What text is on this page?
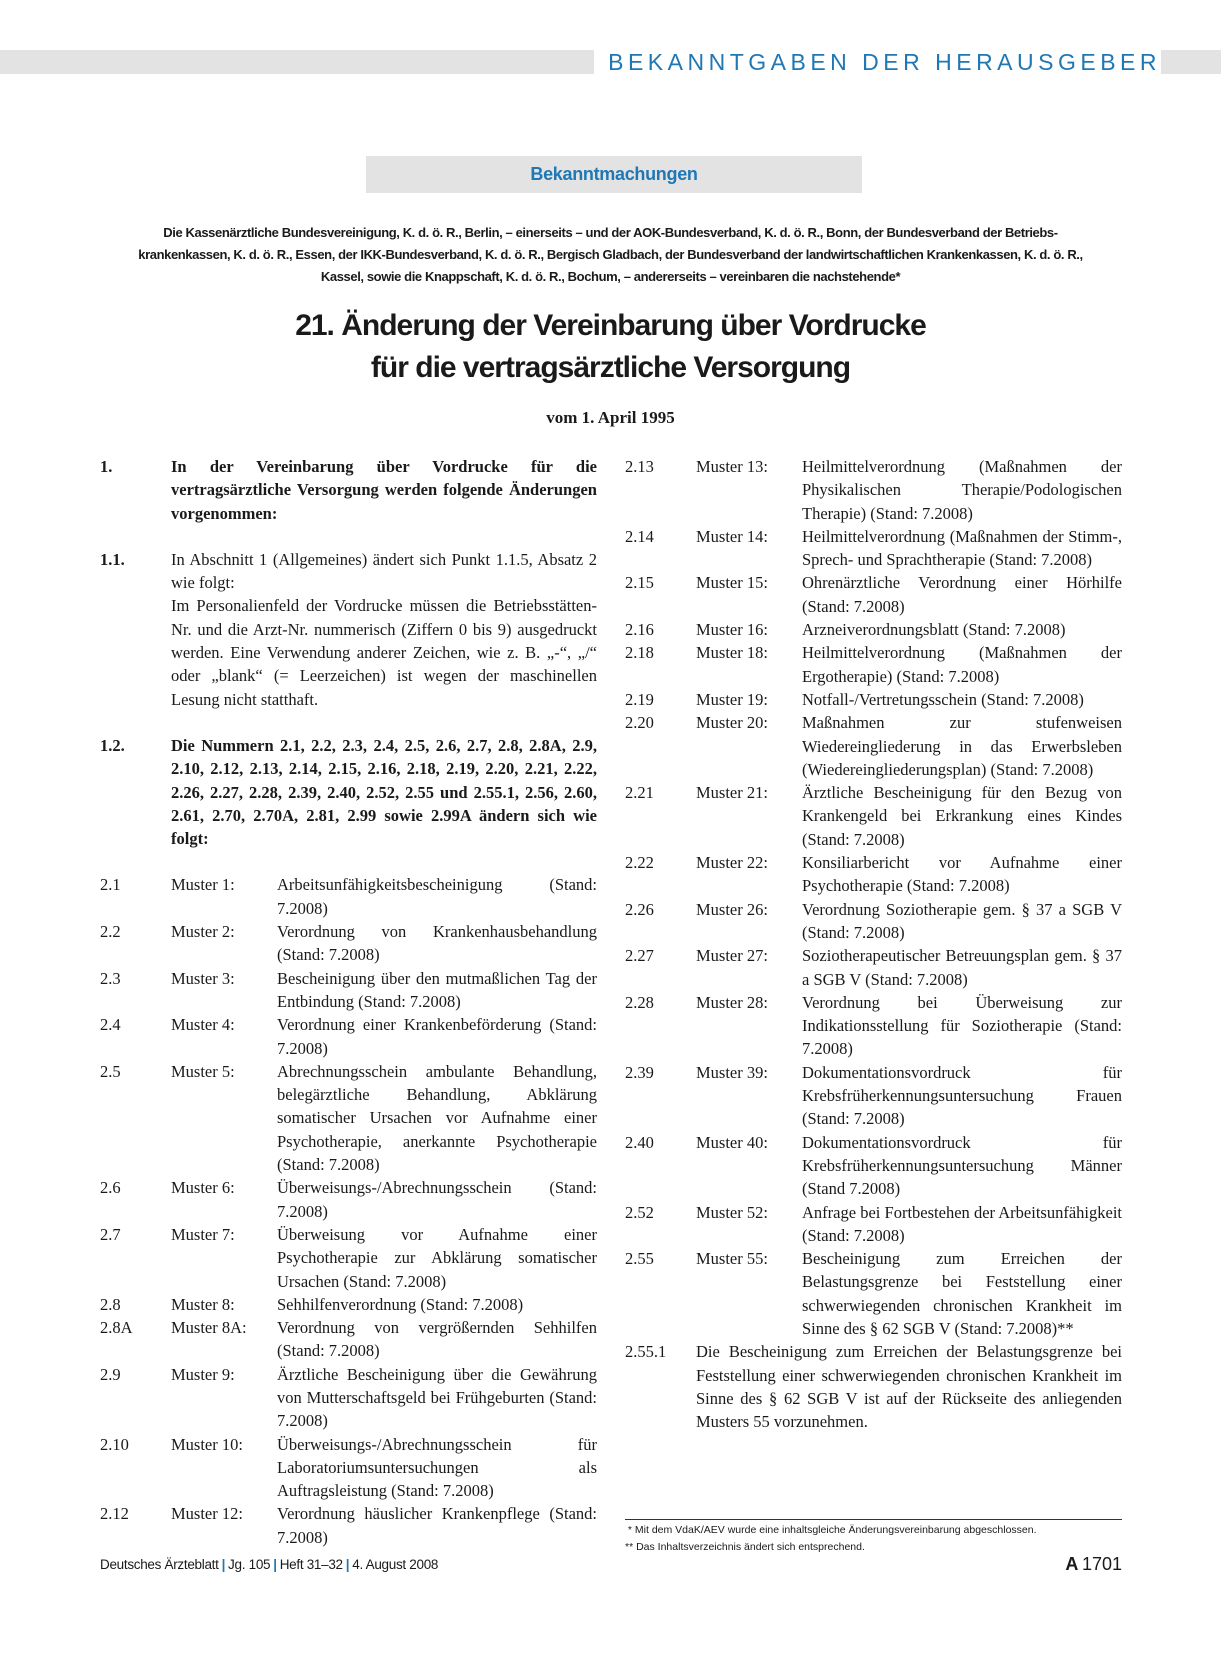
BEKANNTGABEN DER HERAUSGEBER
Bekanntmachungen
Die Kassenärztliche Bundesvereinigung, K. d. ö. R., Berlin, – einerseits – und der AOK-Bundesverband, K. d. ö. R., Bonn, der Bundesverband der Betriebs-
krankenkassen, K. d. ö. R., Essen, der IKK-Bundesverband, K. d. ö. R., Bergisch Gladbach, der Bundesverband der landwirtschaftlichen Krankenkassen, K. d. ö. R.,
Kassel, sowie die Knappschaft, K. d. ö. R., Bochum, – andererseits – vereinbaren die nachstehende*
21. Änderung der Vereinbarung über Vordrucke
für die vertragsärztliche Versorgung
vom 1. April 1995
1.	In der Vereinbarung über Vordrucke für die vertragsärztliche Versorgung werden folgende Änderungen vorgenommen:
1.1.	In Abschnitt 1 (Allgemeines) ändert sich Punkt 1.1.5, Absatz 2 wie folgt:
Im Personalienfeld der Vordrucke müssen die Betriebsstätten-Nr. und die Arzt-Nr. nummerisch (Ziffern 0 bis 9) ausgedruckt werden. Eine Verwendung anderer Zeichen, wie z. B. „-“, „/“ oder „blank“ (= Leerzeichen) ist wegen der maschinellen Lesung nicht statthaft.
1.2.	Die Nummern 2.1, 2.2, 2.3, 2.4, 2.5, 2.6, 2.7, 2.8, 2.8A, 2.9, 2.10, 2.12, 2.13, 2.14, 2.15, 2.16, 2.18, 2.19, 2.20, 2.21, 2.22, 2.26, 2.27, 2.28, 2.39, 2.40, 2.52, 2.55 und 2.55.1, 2.56, 2.60, 2.61, 2.70, 2.70A, 2.81, 2.99 sowie 2.99A ändern sich wie folgt:
2.1	Muster 1:	Arbeitsunfähigkeitsbescheinigung (Stand: 7.2008)
2.2	Muster 2:	Verordnung von Krankenhausbehandlung (Stand: 7.2008)
2.3	Muster 3:	Bescheinigung über den mutmaßlichen Tag der Entbindung (Stand: 7.2008)
2.4	Muster 4:	Verordnung einer Krankenbeförderung (Stand: 7.2008)
2.5	Muster 5:	Abrechnungsschein ambulante Behandlung, belegärztliche Behandlung, Abklärung somatischer Ursachen vor Aufnahme einer Psychotherapie, anerkannte Psychotherapie (Stand: 7.2008)
2.6	Muster 6:	Überweisungs-/Abrechnungsschein (Stand: 7.2008)
2.7	Muster 7:	Überweisung vor Aufnahme einer Psychotherapie zur Abklärung somatischer Ursachen (Stand: 7.2008)
2.8	Muster 8:	Sehhilfenverordnung (Stand: 7.2008)
2.8A	Muster 8A:	Verordnung von vergrößernden Sehhilfen (Stand: 7.2008)
2.9	Muster 9:	Ärztliche Bescheinigung über die Gewährung von Mutterschaftsgeld bei Frühgeburten (Stand: 7.2008)
2.10	Muster 10:	Überweisungs-/Abrechnungsschein für Laboratoriumsuntersuchungen als Auftragsleistung (Stand: 7.2008)
2.12	Muster 12:	Verordnung häuslicher Krankenpflege (Stand: 7.2008)
2.13	Muster 13:	Heilmittelverordnung (Maßnahmen der Physikalischen Therapie/Podologischen Therapie) (Stand: 7.2008)
2.14	Muster 14:	Heilmittelverordnung (Maßnahmen der Stimm-, Sprech- und Sprachtherapie (Stand: 7.2008)
2.15	Muster 15:	Ohrenärztliche Verordnung einer Hörhilfe (Stand: 7.2008)
2.16	Muster 16:	Arzneiverordnungsblatt (Stand: 7.2008)
2.18	Muster 18:	Heilmittelverordnung (Maßnahmen der Ergotherapie) (Stand: 7.2008)
2.19	Muster 19:	Notfall-/Vertretungsschein (Stand: 7.2008)
2.20	Muster 20:	Maßnahmen zur stufenweisen Wiedereingliederung in das Erwerbsleben (Wiedereingliederungsplan) (Stand: 7.2008)
2.21	Muster 21:	Ärztliche Bescheinigung für den Bezug von Krankengeld bei Erkrankung eines Kindes (Stand: 7.2008)
2.22	Muster 22:	Konsiliarbericht vor Aufnahme einer Psychotherapie (Stand: 7.2008)
2.26	Muster 26:	Verordnung Soziotherapie gem. § 37 a SGB V (Stand: 7.2008)
2.27	Muster 27:	Soziotherapeutischer Betreuungsplan gem. § 37 a SGB V (Stand: 7.2008)
2.28	Muster 28:	Verordnung bei Überweisung zur Indikationsstellung für Soziotherapie (Stand: 7.2008)
2.39	Muster 39:	Dokumentationsvordruck für Krebsfrüherkennungsuntersuchung Frauen (Stand: 7.2008)
2.40	Muster 40:	Dokumentationsvordruck für Krebsfrüherkennungsuntersuchung Männer (Stand 7.2008)
2.52	Muster 52:	Anfrage bei Fortbestehen der Arbeitsunfähigkeit (Stand: 7.2008)
2.55	Muster 55:	Bescheinigung zum Erreichen der Belastungsgrenze bei Feststellung einer schwerwiegenden chronischen Krankheit im Sinne des § 62 SGB V (Stand: 7.2008)**
2.55.1	Die Bescheinigung zum Erreichen der Belastungsgrenze bei Feststellung einer schwerwiegenden chronischen Krankheit im Sinne des § 62 SGB V ist auf der Rückseite des anliegenden Musters 55 vorzunehmen.
* Mit dem VdaK/AEV wurde eine inhaltsgleiche Änderungsvereinbarung abgeschlossen.
** Das Inhaltsverzeichnis ändert sich entsprechend.
Deutsches Ärzteblatt | Jg. 105 | Heft 31–32 | 4. August 2008	A  1701
